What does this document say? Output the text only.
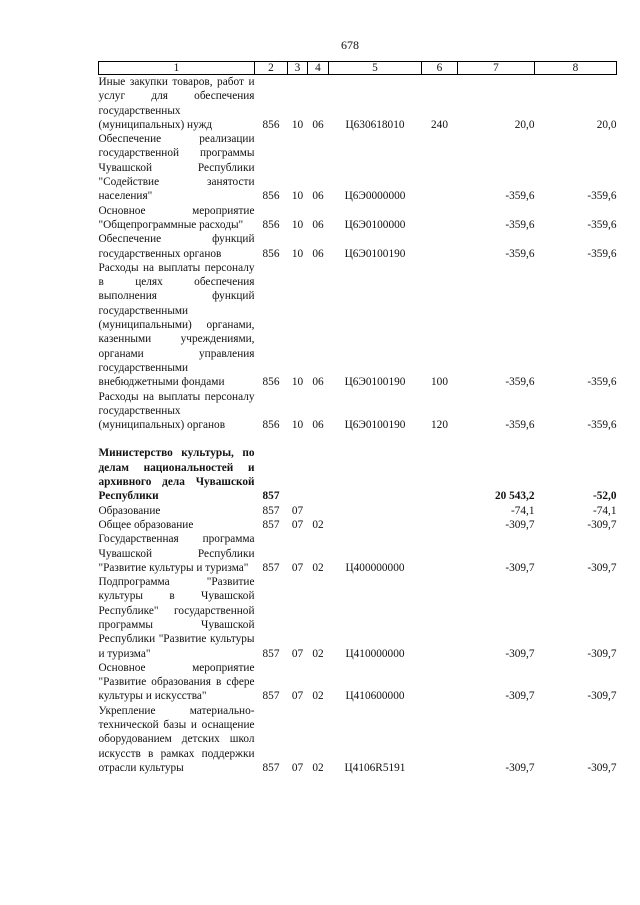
678
1	2	3	4	5	6	7	8
Иные закупки товаров, работ и услуг для обеспечения государственных (муниципальных) нужд	856	10	06	Ц630618010	240	20,0	20,0
Обеспечение реализации государственной программы Чувашской Республики "Содействие занятости населения"	856	10	06	Ц6Э0000000		-359,6	-359,6
Основное мероприятие "Общепрограммные расходы"	856	10	06	Ц6Э0100000		-359,6	-359,6
Обеспечение функций государственных органов	856	10	06	Ц6Э0100190		-359,6	-359,6
Расходы на выплаты персоналу в целях обеспечения выполнения функций государственными (муниципальными) органами, казенными учреждениями, органами управления государственными внебюджетными фондами	856	10	06	Ц6Э0100190	100	-359,6	-359,6
Расходы на выплаты персоналу государственных (муниципальных) органов	856	10	06	Ц6Э0100190	120	-359,6	-359,6

Министерство культуры, по делам национальностей и архивного дела Чувашской Республики	857					20 543,2	-52,0
Образование	857	07				-74,1	-74,1
Общее образование	857	07	02			-309,7	-309,7
Государственная программа Чувашской Республики "Развитие культуры и туризма"	857	07	02	Ц400000000		-309,7	-309,7
Подпрограмма "Развитие культуры в Чувашской Республике" государственной программы Чувашской Республики "Развитие культуры и туризма"	857	07	02	Ц410000000		-309,7	-309,7
Основное мероприятие "Развитие образования в сфере культуры и искусства"	857	07	02	Ц410600000		-309,7	-309,7
Укрепление материально-технической базы и оснащение оборудованием детских школ искусств в рамках поддержки отрасли культуры	857	07	02	Ц4106R5191		-309,7	-309,7
